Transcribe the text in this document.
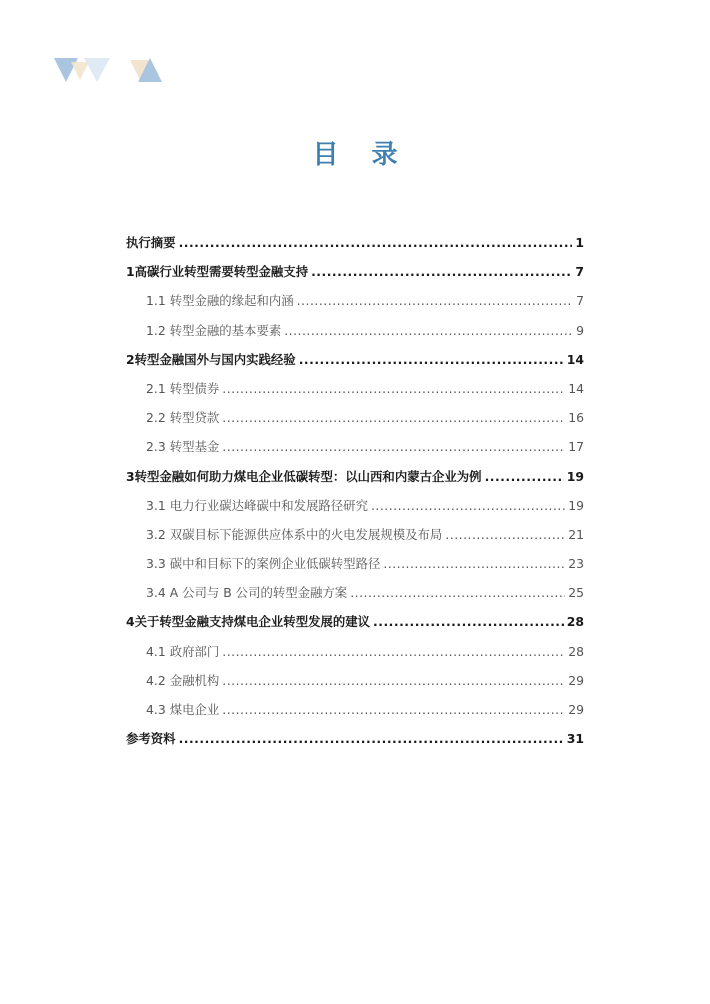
目 录
执行摘要 .....	1
1 高碳行业转型需要转型金融支持 .....	7
1.1 转型金融的缘起和内涵 .....	7
1.2 转型金融的基本要素 .....	9
2 转型金融国外与国内实践经验 .....	14
2.1 转型债券 .....	14
2.2 转型贷款 .....	16
2.3 转型基金 .....	17
3 转型金融如何助力煤电企业低碳转型：以山西和内蒙古企业为例 .....	19
3.1 电力行业碳达峰碳中和发展路径研究 .....	19
3.2 双碳目标下能源供应体系中的火电发展规模及布局 .....	21
3.3 碳中和目标下的案例企业低碳转型路径 .....	23
3.4 A 公司与 B 公司的转型金融方案 .....	25
4 关于转型金融支持煤电企业转型发展的建议 .....	28
4.1 政府部门 .....	28
4.2 金融机构 .....	29
4.3 煤电企业 .....	29
参考资料 .....	31
